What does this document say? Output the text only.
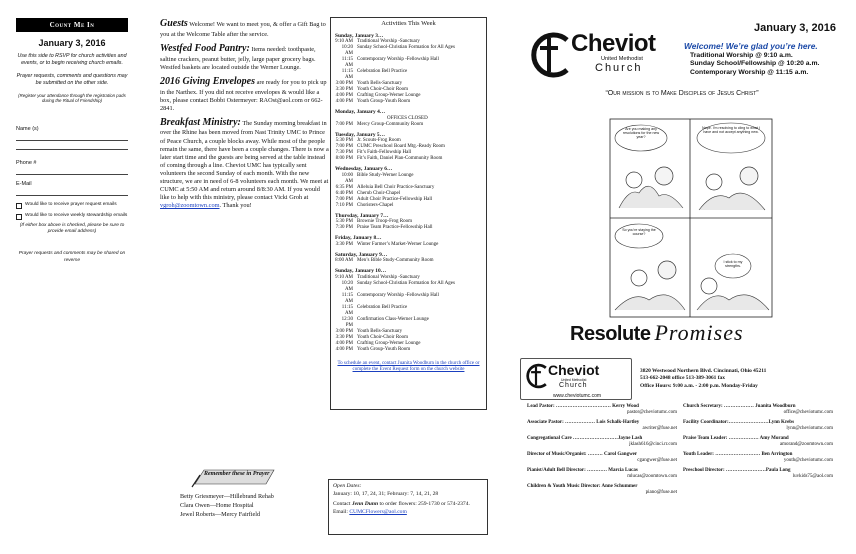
Count Me In
January 3, 2016
Use this side to RSVP for church activities and events, or to begin receiving church emails.
Prayer requests, comments and questions may be submitted on the other side.
(Register your attendance through the registration pads during the Ritual of Friendship)
Name (s)
Phone #
E-Mail
Would like to receive prayer request emails
Would like to receive weekly stewardship emails
(If either box above is checked, please be sure to provide email address)
Prayer requests and comments may be shared on reverse
Guests Welcome! We want to meet you, & offer a Gift Bag to you at the Welcome Table after the service.
Westfed Food Pantry: Items needed: toothpaste, saltine crackers, peanut butter, jelly, large paper grocery bags. Westfed baskets are located outside the Werner Lounge.
2016 Giving Envelopes are ready for you to pick up in the Narthex. If you did not receive envelopes & would like a box, please contact Bobbi Ostermeyer: RAOst@aol.com or 662-2841.
Breakfast Ministry: The Sunday morning breakfast in over the Rhine has been moved from Nast Trinity UMC to Prince of Peace Church, a couple blocks away. While most of the people remain the same, there have been a couple changes. There is now a later start time and the guests are being served at the table instead of coming through a line. Cheviot UMC has typically sent volunteers the second Sunday of each month. With the new structure, we are in need of 6-8 volunteers each month. We meet at CUMC at 5:50 AM and return around 8/8:30 AM. If you would like to help with this ministry, please contact Vicki Groh at vgroh@zoomtown.com. Thank you!
Remember these in Prayer
Betty Griesmeyer—Hillebrand Rehab
Clara Owen—Home Hospital
Jewel Roberts—Mercy Fairfield
Activities This Week
Sunday, January 3…
9:10 AM Traditional Worship -Sanctuary
10:20 AM
Sunday School-Christian Formation for All Ages
11:15 AM
Contemporary Worship -Fellowship Hall
11:15 AM
Celebration Bell Practice
3:00 PM Youth Bells-Sanctuary
3:30 PM Youth Choir-Choir Room
4:00 PM Crafting Group-Werner Lounge
4:00 PM Youth Group-Youth Room
Monday, January 4…
OFFICES CLOSED
7:00 PM Mercy Group-Community Room
Tuesday, January 5…
5:30 PM Jr. Scouts-Frog Room
7:00 PM CUMC Preschool Board Mtg.-Ready Room
7:30 PM Fit’s Faith-Fellowship Hall
8:00 PM Fit’s Faith, Daniel Plan-Community Room
Wednesday, January 6…
10:00 AM
Bible Study-Werner Lounge
6:35 PM Alleluia Bell Choir Practice-Sanctuary
6:40 PM Cherub Choir-Chapel
7:00 PM Adult Choir Practice-Fellowship Hall
7:10 PM Choristers-Chapel
Thursday, January 7…
5:30 PM Brownie Troop-Frog Room
7:30 PM Praise Team Practice-Fellowship Hall
Friday, January 8…
3:30 PM Winter Farmer’s Market-Werner Lounge
Saturday, January 9…
8:00 AM Men’s Bible Study-Community Room
Sunday, January 10…
9:10 AM Traditional Worship -Sanctuary
10:20 AM
Sunday School-Christian Formation for All Ages
11:15 AM
Contemporary Worship -Fellowship Hall
11:15 AM
Celebration Bell Practice
12:30 PM
Confirmation Class-Werner Lounge
3:00 PM Youth Bells-Sanctuary
3:30 PM Youth Choir-Choir Room
4:00 PM Crafting Group-Werner Lounge
4:00 PM Youth Group-Youth Room
To schedule an event, contact Juanita Woodburn in the church office or complete the Event Request form on the church website
Open Dates:
January: 10, 17, 24, 31; February: 7, 14, 21, 28
Contact Jenn Dunn to order flowers: 259-1730 or 574-2374. Email: CUMCFlowers@aol.com
January 3, 2016
Cheviot
United Methodist
Church
Welcome! We’re glad you’re here.
Traditional Worship @ 9:10 a.m.
Sunday School/Fellowship @ 10:20 a.m.
Contemporary Worship @ 11:15 a.m.
“Our mission is to Make Disciples of Jesus Christ”
Are you making any resolutions for the new year?
Nope. I’m resolving to cling to what I have and not accept anything new.
So you’re staying the course?
I stick to my strengths.
Resolute Promises
Cheviot
United Methodist
Church
www.cheviotumc.com
3820 Westwood Northern Blvd. Cincinnati, Ohio 45211
513-662-2048 office 513-389-3061 fax
Office Hours: 9:00 a.m. - 2:00 p.m. Monday-Friday
Lead Pastor: …………………………… Kerry Wood
pastor@cheviotumc.com
Church Secretary: ……………… Juanita Woodburn
office@cheviotumc.com
Associate Pastor: ……………… Lois Schalk-Hartley
awriter@fuse.net
Facility Coordinator:……………………Lynn Krebs
lynn@cheviotumc.com
Congregational Care ………………………Jayne Lash
jklash616@cinci.rr.com
Praise Team Leader: ……………… Amy Morand
amorand@zoomtown.com
Director of Music/Organist: ……… Carol Gangwer
cgangwer@fuse.net
Youth Leader: ……………………… Ben Arrington
youth@cheviotumc.com
Pianist/Adult Bell Director: ………… Marcia Lucas
mlucas@zoomtown.com
Preschool Director: ……………………Paula Long
luvkids75@aol.com
Children & Youth Music Director: Anne Schummer
piano@fuse.net
